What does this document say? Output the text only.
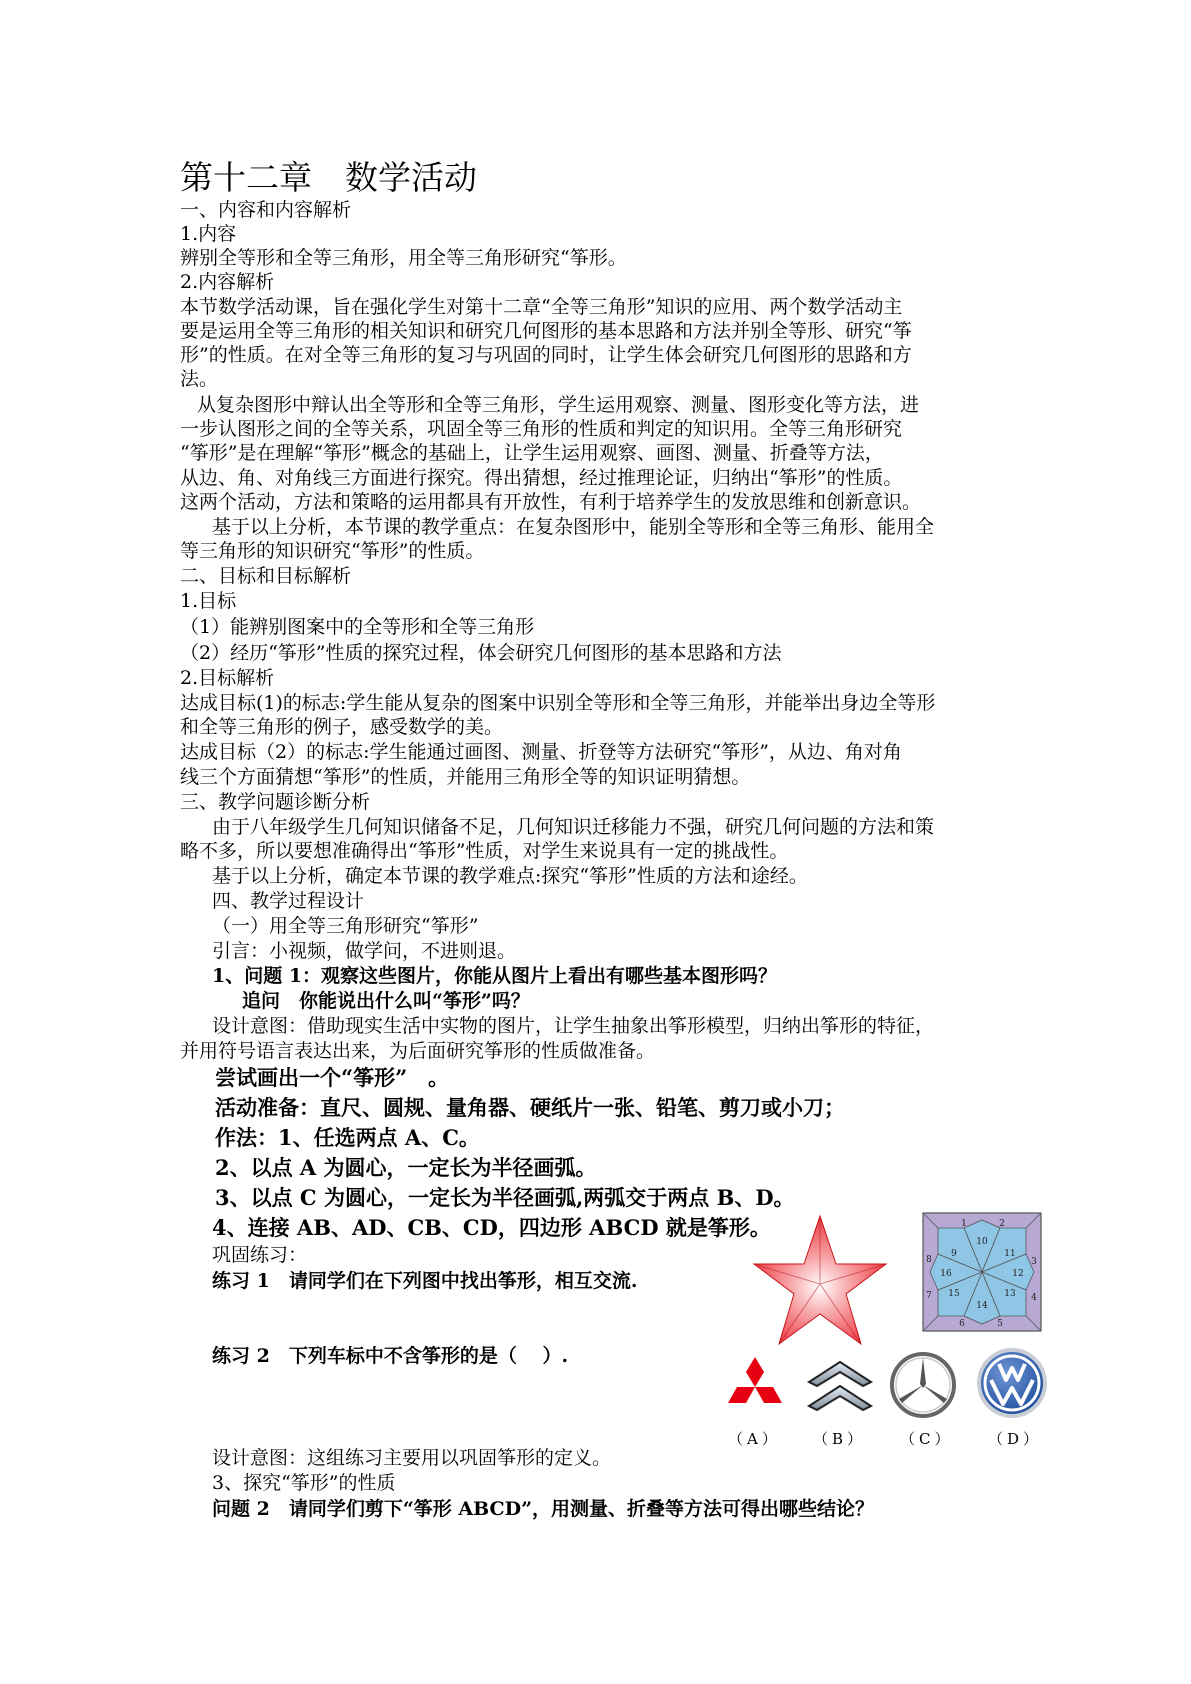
第十二章　数学活动
一、内容和内容解析
1.内容
辨别全等形和全等三角形，用全等三角形研究“筝形。
2.内容解析
本节数学活动课，旨在强化学生对第十二章“全等三角形”知识的应用、两个数学活动主
要是运用全等三角形的相关知识和研究几何图形的基本思路和方法并别全等形、研究“筝
形”的性质。在对全等三角形的复习与巩固的同时，让学生体会研究几何图形的思路和方
法。
从复杂图形中辩认出全等形和全等三角形，学生运用观察、测量、图形变化等方法，进
一步认图形之间的全等关系，巩固全等三角形的性质和判定的知识用。全等三角形研究
“筝形”是在理解“筝形”概念的基础上，让学生运用观察、画图、测量、折叠等方法，
从边、角、对角线三方面进行探究。得出猜想，经过推理论证，归纳出“筝形”的性质。
这两个活动，方法和策略的运用都具有开放性，有利于培养学生的发放思维和创新意识。
基于以上分析，本节课的教学重点：在复杂图形中，能别全等形和全等三角形、能用全
等三角形的知识研究“筝形”的性质。
二、目标和目标解析
1.目标
（1）能辨别图案中的全等形和全等三角形
（2）经历“筝形”性质的探究过程，体会研究几何图形的基本思路和方法
2.目标解析
达成目标(1)的标志:学生能从复杂的图案中识别全等形和全等三角形，并能举出身边全等形
和全等三角形的例子，感受数学的美。
达成目标（2）的标志:学生能通过画图、测量、折登等方法研究“筝形”，从边、角对角
线三个方面猜想“筝形”的性质，并能用三角形全等的知识证明猜想。
三、教学问题诊断分析
由于八年级学生几何知识储备不足，几何知识迁移能力不强，研究几何问题的方法和策
略不多，所以要想准确得出“筝形”性质，对学生来说具有一定的挑战性。
基于以上分析，确定本节课的教学难点:探究“筝形”性质的方法和途经。
四、教学过程设计
（一）用全等三角形研究“筝形”
引言：小视频，做学问，不进则退。
1、问题 1：观察这些图片，你能从图片上看出有哪些基本图形吗？
追问　你能说出什么叫“筝形”吗？
设计意图：借助现实生活中实物的图片，让学生抽象出筝形模型，归纳出筝形的特征，
并用符号语言表达出来，为后面研究筝形的性质做准备。
尝试画出一个“筝形”　。
活动准备：直尺、圆规、量角器、硬纸片一张、铅笔、剪刀或小刀；
作法：1、任选两点 A、C。
2、以点 A 为圆心，一定长为半径画弧。
3、以点 C 为圆心，一定长为半径画弧,两弧交于两点 B、D。
4、连接 AB、AD、CB、CD，四边形 ABCD 就是筝形。
巩固练习：
练习 1　请同学们在下列图中找出筝形，相互交流.
练习 2　下列车标中不含筝形的是（　 ）.
设计意图：这组练习主要用以巩固筝形的定义。
3、探究“筝形”的性质
问题 2　请同学们剪下“筝形 ABCD”，用测量、折叠等方法可得出哪些结论？
1	2
3
4
5
6
7
8
9
10
11
12
13
14
15
16
（A） （B） （C） （D）
